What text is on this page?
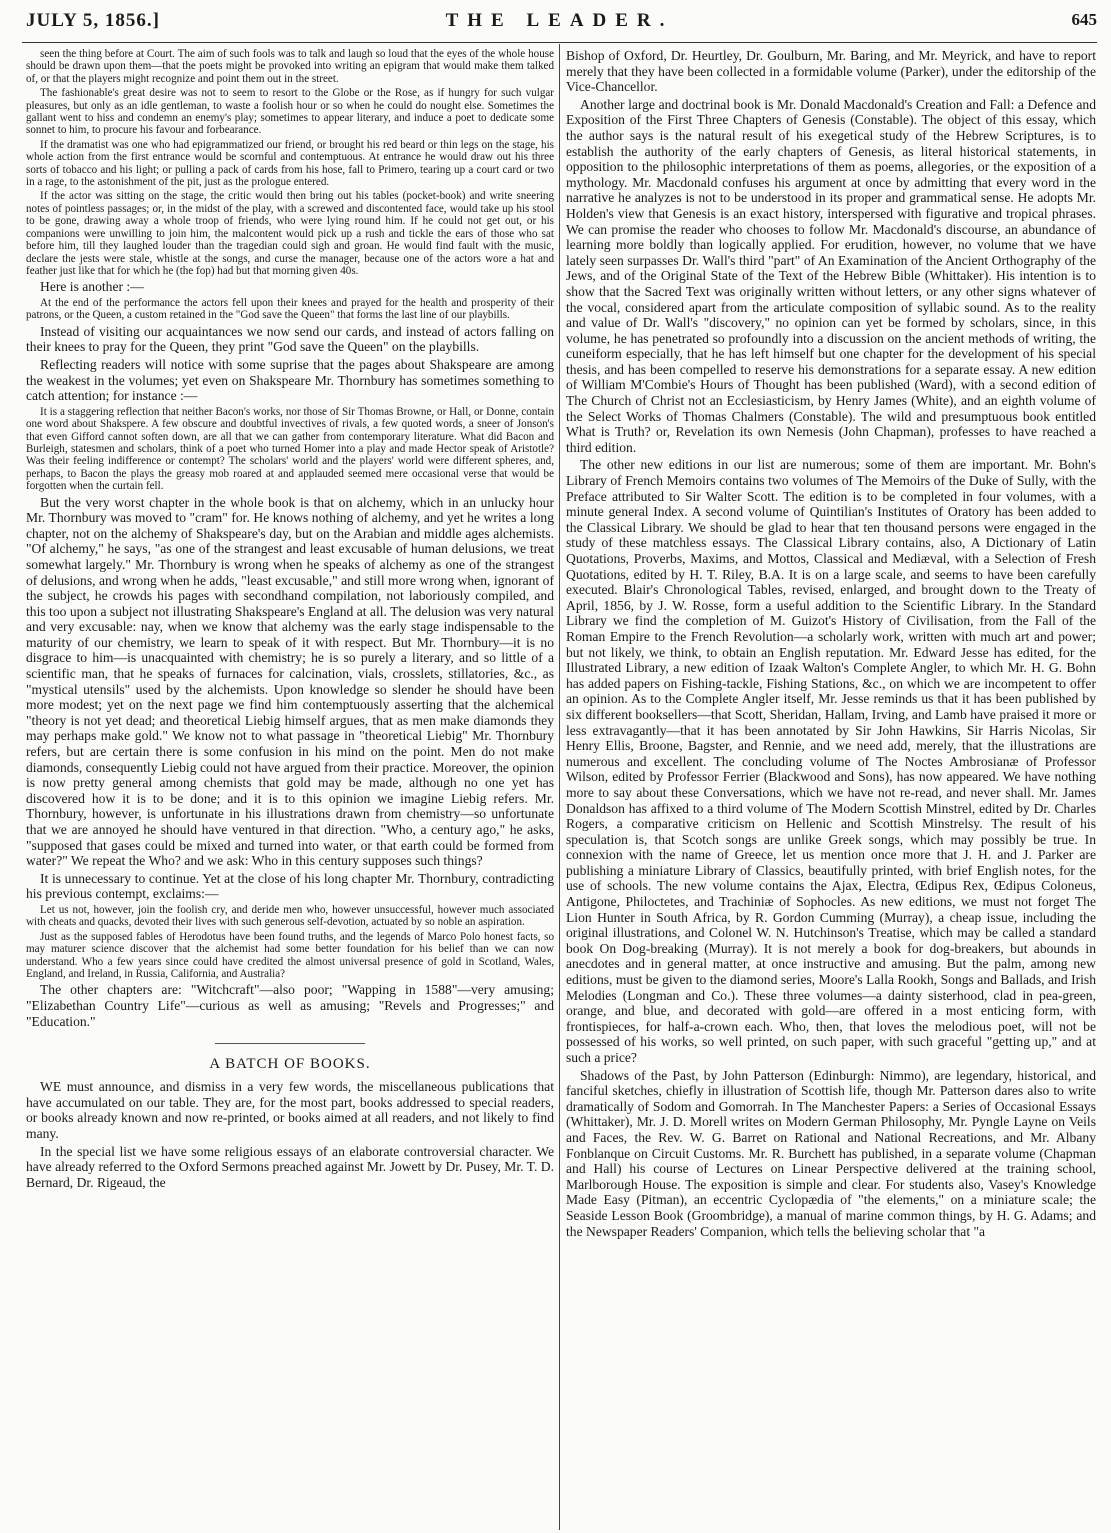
JULY 5, 1856.]	THE LEADER.	645

seen the thing before at Court. The aim of such fools was to talk and laugh so loud that the eyes of the whole house should be drawn upon them—that the poets might be provoked into writing an epigram that would make them talked of, or that the players might recognize and point them out in the street.

The fashionable's great desire was not to seem to resort to the Globe or the Rose, as if hungry for such vulgar pleasures, but only as an idle gentleman, to waste a foolish hour or so when he could do nought else. Sometimes the gallant went to hiss and condemn an enemy's play; sometimes to appear literary, and induce a poet to dedicate some sonnet to him, to procure his favour and forbearance.

If the dramatist was one who had epigrammatized our friend, or brought his red beard or thin legs on the stage, his whole action from the first entrance would be scornful and contemptuous. At entrance he would draw out his three sorts of tobacco and his light; or pulling a pack of cards from his hose, fall to Primero, tearing up a court card or two in a rage, to the astonishment of the pit, just as the prologue entered.

If the actor was sitting on the stage, the critic would then bring out his tables (pocket-book) and write sneering notes of pointless passages; or, in the midst of the play, with a screwed and discontented face, would take up his stool to be gone, drawing away a whole troop of friends, who were lying round him. If he could not get out, or his companions were unwilling to join him, the malcontent would pick up a rush and tickle the ears of those who sat before him, till they laughed louder than the tragedian could sigh and groan. He would find fault with the music, declare the jests were stale, whistle at the songs, and curse the manager, because one of the actors wore a hat and feather just like that for which he (the fop) had but that morning given 40s.

Here is another :—

At the end of the performance the actors fell upon their knees and prayed for the health and prosperity of their patrons, or the Queen, a custom retained in the "God save the Queen" that forms the last line of our playbills.

Instead of visiting our acquaintances we now send our cards, and instead of actors falling on their knees to pray for the Queen, they print "God save the Queen" on the playbills.

Reflecting readers will notice with some suprise that the pages about Shakspeare are among the weakest in the volumes; yet even on Shakspeare Mr. Thornbury has sometimes something to catch attention; for instance :—

It is a staggering reflection that neither Bacon's works, nor those of Sir Thomas Browne, or Hall, or Donne, contain one word about Shakspere. A few obscure and doubtful invectives of rivals, a few quoted words, a sneer of Jonson's that even Gifford cannot soften down, are all that we can gather from contemporary literature. What did Bacon and Burleigh, statesmen and scholars, think of a poet who turned Homer into a play and made Hector speak of Aristotle? Was their feeling indifference or contempt? The scholars' world and the players' world were different spheres, and, perhaps, to Bacon the plays the greasy mob roared at and applauded seemed mere occasional verse that would be forgotten when the curtain fell.

But the very worst chapter in the whole book is that on alchemy, which in an unlucky hour Mr. Thornbury was moved to "cram" for. He knows nothing of alchemy, and yet he writes a long chapter, not on the alchemy of Shakspeare's day, but on the Arabian and middle ages alchemists. "Of alchemy," he says, "as one of the strangest and least excusable of human delusions, we treat somewhat largely." Mr. Thornbury is wrong when he speaks of alchemy as one of the strangest of delusions, and wrong when he adds, "least excusable," and still more wrong when, ignorant of the subject, he crowds his pages with secondhand compilation, not laboriously compiled, and this too upon a subject not illustrating Shakspeare's England at all. The delusion was very natural and very excusable: nay, when we know that alchemy was the early stage indispensable to the maturity of our chemistry, we learn to speak of it with respect. But Mr. Thornbury—it is no disgrace to him—is unacquainted with chemistry; he is so purely a literary, and so little of a scientific man, that he speaks of furnaces for calcination, vials, crosslets, stillatories, &c., as "mystical utensils" used by the alchemists. Upon knowledge so slender he should have been more modest; yet on the next page we find him contemptuously asserting that the alchemical "theory is not yet dead; and theoretical Liebig himself argues, that as men make diamonds they may perhaps make gold." We know not to what passage in "theoretical Liebig" Mr. Thornbury refers, but are certain there is some confusion in his mind on the point. Men do not make diamonds, consequently Liebig could not have argued from their practice. Moreover, the opinion is now pretty general among chemists that gold may be made, although no one yet has discovered how it is to be done; and it is to this opinion we imagine Liebig refers. Mr. Thornbury, however, is unfortunate in his illustrations drawn from chemistry—so unfortunate that we are annoyed he should have ventured in that direction. "Who, a century ago," he asks, "supposed that gases could be mixed and turned into water, or that earth could be formed from water?" We repeat the Who? and we ask: Who in this century supposes such things?

It is unnecessary to continue. Yet at the close of his long chapter Mr. Thornbury, contradicting his previous contempt, exclaims:—

Let us not, however, join the foolish cry, and deride men who, however unsuccessful, however much associated with cheats and quacks, devoted their lives with such generous self-devotion, actuated by so noble an aspiration.

Just as the supposed fables of Herodotus have been found truths, and the legends of Marco Polo honest facts, so may maturer science discover that the alchemist had some better foundation for his belief than we can now understand. Who a few years since could have credited the almost universal presence of gold in Scotland, Wales, England, and Ireland, in Russia, California, and Australia?

The other chapters are: "Witchcraft"—also poor; "Wapping in 1588"—very amusing; "Elizabethan Country Life"—curious as well as amusing; "Revels and Progresses;" and "Education."

A BATCH OF BOOKS.

WE must announce, and dismiss in a very few words, the miscellaneous publications that have accumulated on our table. They are, for the most part, books addressed to special readers, or books already known and now re-printed, or books aimed at all readers, and not likely to find many.

In the special list we have some religious essays of an elaborate controversial character. We have already referred to the Oxford Sermons preached against Mr. Jowett by Dr. Pusey, Mr. T. D. Bernard, Dr. Rigeaud, the

Bishop of Oxford, Dr. Heurtley, Dr. Goulburn, Mr. Baring, and Mr. Meyrick, and have to report merely that they have been collected in a formidable volume (Parker), under the editorship of the Vice-Chancellor.

Another large and doctrinal book is Mr. Donald Macdonald's Creation and Fall: a Defence and Exposition of the First Three Chapters of Genesis (Constable). The object of this essay, which the author says is the natural result of his exegetical study of the Hebrew Scriptures, is to establish the authority of the early chapters of Genesis, as literal historical statements, in opposition to the philosophic interpretations of them as poems, allegories, or the exposition of a mythology. Mr. Macdonald confuses his argument at once by admitting that every word in the narrative he analyzes is not to be understood in its proper and grammatical sense. He adopts Mr. Holden's view that Genesis is an exact history, interspersed with figurative and tropical phrases. We can promise the reader who chooses to follow Mr. Macdonald's discourse, an abundance of learning more boldly than logically applied. For erudition, however, no volume that we have lately seen surpasses Dr. Wall's third "part" of An Examination of the Ancient Orthography of the Jews, and of the Original State of the Text of the Hebrew Bible (Whittaker). His intention is to show that the Sacred Text was originally written without letters, or any other signs whatever of the vocal, considered apart from the articulate composition of syllabic sound. As to the reality and value of Dr. Wall's "discovery," no opinion can yet be formed by scholars, since, in this volume, he has penetrated so profoundly into a discussion on the ancient methods of writing, the cuneiform especially, that he has left himself but one chapter for the development of his special thesis, and has been compelled to reserve his demonstrations for a separate essay. A new edition of William M'Combie's Hours of Thought has been published (Ward), with a second edition of The Church of Christ not an Ecclesiasticism, by Henry James (White), and an eighth volume of the Select Works of Thomas Chalmers (Constable). The wild and presumptuous book entitled What is Truth? or, Revelation its own Nemesis (John Chapman), professes to have reached a third edition.

The other new editions in our list are numerous; some of them are important. Mr. Bohn's Library of French Memoirs contains two volumes of The Memoirs of the Duke of Sully, with the Preface attributed to Sir Walter Scott. The edition is to be completed in four volumes, with a minute general Index. A second volume of Quintilian's Institutes of Oratory has been added to the Classical Library. We should be glad to hear that ten thousand persons were engaged in the study of these matchless essays. The Classical Library contains, also, A Dictionary of Latin Quotations, Proverbs, Maxims, and Mottos, Classical and Mediæval, with a Selection of Fresh Quotations, edited by H. T. Riley, B.A. It is on a large scale, and seems to have been carefully executed. Blair's Chronological Tables, revised, enlarged, and brought down to the Treaty of April, 1856, by J. W. Rosse, form a useful addition to the Scientific Library. In the Standard Library we find the completion of M. Guizot's History of Civilisation, from the Fall of the Roman Empire to the French Revolution—a scholarly work, written with much art and power; but not likely, we think, to obtain an English reputation. Mr. Edward Jesse has edited, for the Illustrated Library, a new edition of Izaak Walton's Complete Angler, to which Mr. H. G. Bohn has added papers on Fishing-tackle, Fishing Stations, &c., on which we are incompetent to offer an opinion. As to the Complete Angler itself, Mr. Jesse reminds us that it has been published by six different booksellers—that Scott, Sheridan, Hallam, Irving, and Lamb have praised it more or less extravagantly—that it has been annotated by Sir John Hawkins, Sir Harris Nicolas, Sir Henry Ellis, Broone, Bagster, and Rennie, and we need add, merely, that the illustrations are numerous and excellent. The concluding volume of The Noctes Ambrosianæ of Professor Wilson, edited by Professor Ferrier (Blackwood and Sons), has now appeared. We have nothing more to say about these Conversations, which we have not re-read, and never shall. Mr. James Donaldson has affixed to a third volume of The Modern Scottish Minstrel, edited by Dr. Charles Rogers, a comparative criticism on Hellenic and Scottish Minstrelsy. The result of his speculation is, that Scotch songs are unlike Greek songs, which may possibly be true. In connexion with the name of Greece, let us mention once more that J. H. and J. Parker are publishing a miniature Library of Classics, beautifully printed, with brief English notes, for the use of schools. The new volume contains the Ajax, Electra, Œdipus Rex, Œdipus Coloneus, Antigone, Philoctetes, and Trachiniæ of Sophocles. As new editions, we must not forget The Lion Hunter in South Africa, by R. Gordon Cumming (Murray), a cheap issue, including the original illustrations, and Colonel W. N. Hutchinson's Treatise, which may be called a standard book On Dog-breaking (Murray). It is not merely a book for dog-breakers, but abounds in anecdotes and in general matter, at once instructive and amusing. But the palm, among new editions, must be given to the diamond series, Moore's Lalla Rookh, Songs and Ballads, and Irish Melodies (Longman and Co.). These three volumes—a dainty sisterhood, clad in pea-green, orange, and blue, and decorated with gold—are offered in a most enticing form, with frontispieces, for half-a-crown each. Who, then, that loves the melodious poet, will not be possessed of his works, so well printed, on such paper, with such graceful "getting up," and at such a price?

Shadows of the Past, by John Patterson (Edinburgh: Nimmo), are legendary, historical, and fanciful sketches, chiefly in illustration of Scottish life, though Mr. Patterson dares also to write dramatically of Sodom and Gomorrah. In The Manchester Papers: a Series of Occasional Essays (Whittaker), Mr. J. D. Morell writes on Modern German Philosophy, Mr. Pyngle Layne on Veils and Faces, the Rev. W. G. Barret on Rational and National Recreations, and Mr. Albany Fonblanque on Circuit Customs. Mr. R. Burchett has published, in a separate volume (Chapman and Hall) his course of Lectures on Linear Perspective delivered at the training school, Marlborough House. The exposition is simple and clear. For students also, Vasey's Knowledge Made Easy (Pitman), an eccentric Cyclopædia of "the elements," on a miniature scale; the Seaside Lesson Book (Groombridge), a manual of marine common things, by H. G. Adams; and the Newspaper Readers' Companion, which tells the believing scholar that "a
